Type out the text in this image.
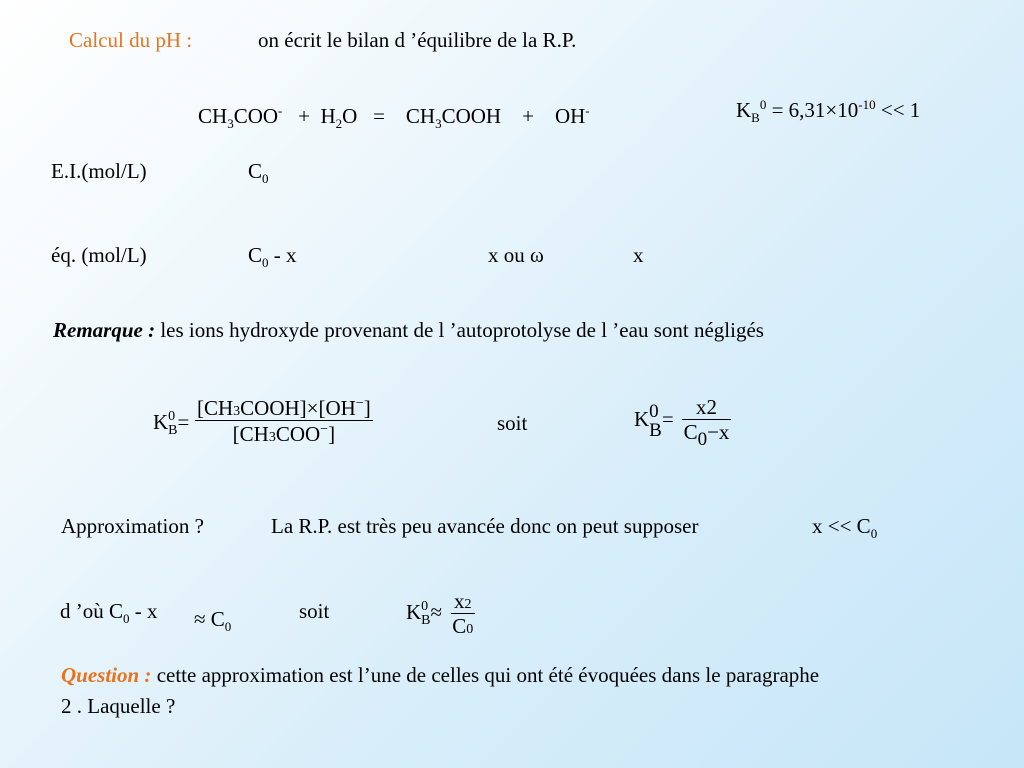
Calcul du pH :	on écrit le bilan d ’équilibre de la R.P.
$CH_3COO^- + H_2O$ = $CH_3COOH + OH^-$	$K_B^0 = 6,31\times 10^{-10} << 1$
E.I.(mol/L)	$C_0$
éq. (mol/L)	$C_0$ - x	x ou ω	x
Remarque : les ions hydroxyde provenant de l ’autoprotolyse de l ’eau sont négligés
K 0
B =
[CH3COOH]×[OH−]
[CH3COO−]	soit	K 0
$B = \frac{x2}{C0-x}$
Approximation ?	La R.P. est très peu avancée donc on peut supposer	$x << C_0$
d ’où $C_0 - x \approx C_0$
soit	K 0
$B \approx \frac{x2}{C0}$
Question : cette approximation est l’une de celles qui ont été évoquées dans le paragraphe
2 . Laquelle ?
